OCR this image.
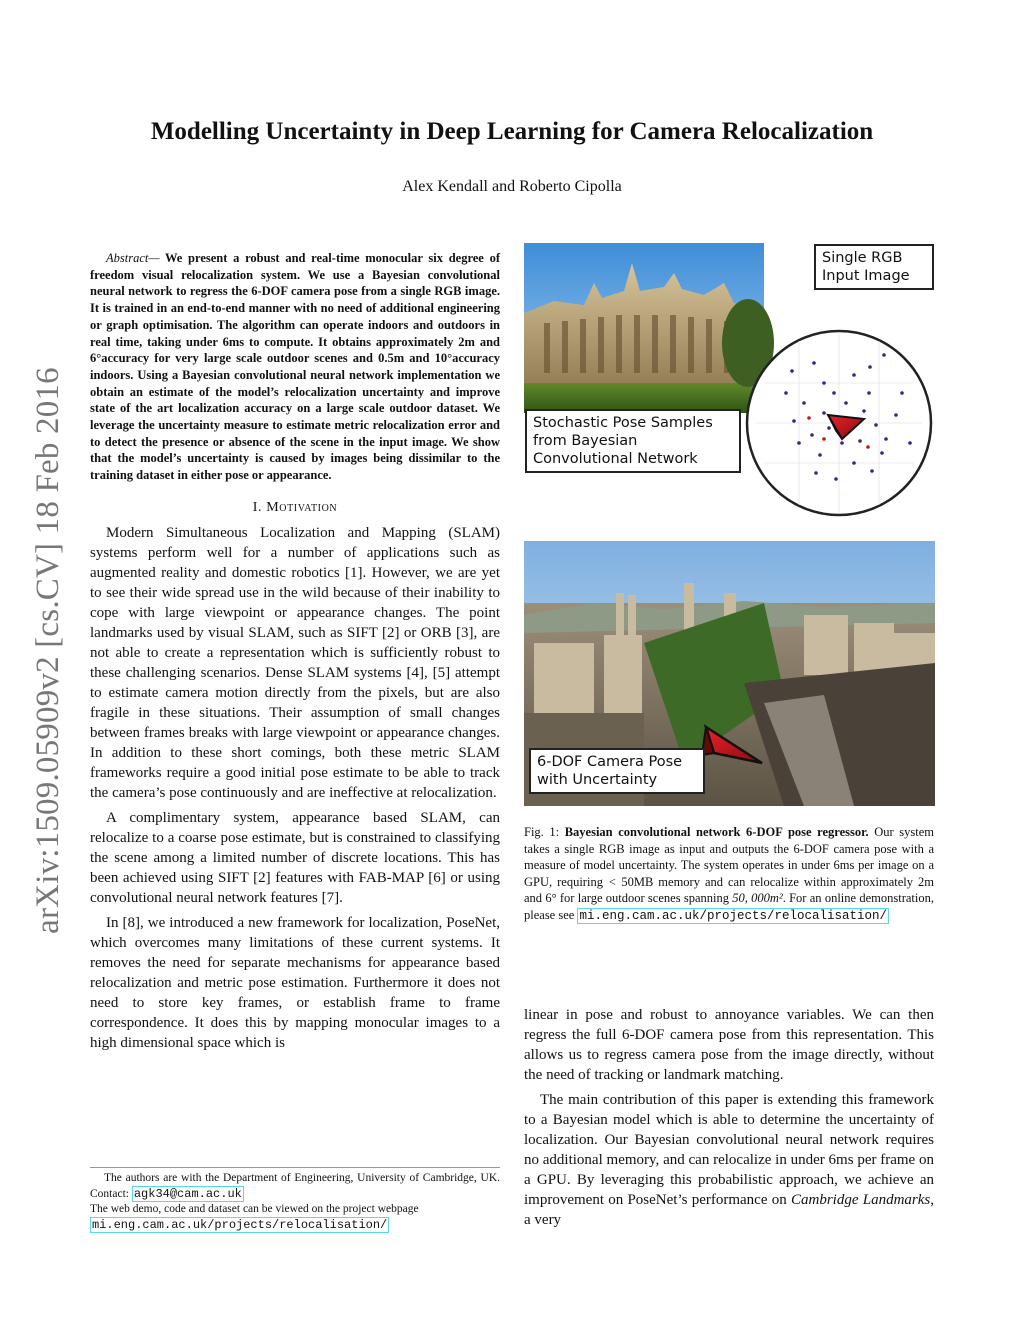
arXiv:1509.05909v2 [cs.CV] 18 Feb 2016
Modelling Uncertainty in Deep Learning for Camera Relocalization
Alex Kendall and Roberto Cipolla

Abstract— We present a robust and real-time monocular six degree of freedom visual relocalization system. We use a Bayesian convolutional neural network to regress the 6-DOF camera pose from a single RGB image. It is trained in an end-to-end manner with no need of additional engineering or graph optimisation. The algorithm can operate indoors and outdoors in real time, taking under 6ms to compute. It obtains approximately 2m and 6°accuracy for very large scale outdoor scenes and 0.5m and 10°accuracy indoors. Using a Bayesian convolutional neural network implementation we obtain an estimate of the model’s relocalization uncertainty and improve state of the art localization accuracy on a large scale outdoor dataset. We leverage the uncertainty measure to estimate metric relocalization error and to detect the presence or absence of the scene in the input image. We show that the model’s uncertainty is caused by images being dissimilar to the training dataset in either pose or appearance.

I. Motivation

Modern Simultaneous Localization and Mapping (SLAM) systems perform well for a number of applications such as augmented reality and domestic robotics [1]. However, we are yet to see their wide spread use in the wild because of their inability to cope with large viewpoint or appearance changes. The point landmarks used by visual SLAM, such as SIFT [2] or ORB [3], are not able to create a representation which is sufficiently robust to these challenging scenarios. Dense SLAM systems [4], [5] attempt to estimate camera motion directly from the pixels, but are also fragile in these situations. Their assumption of small changes between frames breaks with large viewpoint or appearance changes. In addition to these short comings, both these metric SLAM frameworks require a good initial pose estimate to be able to track the camera’s pose continuously and are ineffective at relocalization.

A complimentary system, appearance based SLAM, can relocalize to a coarse pose estimate, but is constrained to classifying the scene among a limited number of discrete locations. This has been achieved using SIFT [2] features with FAB-MAP [6] or using convolutional neural network features [7].

In [8], we introduced a new framework for localization, PoseNet, which overcomes many limitations of these current systems. It removes the need for separate mechanisms for appearance based relocalization and metric pose estimation. Furthermore it does not need to store key frames, or establish frame to frame correspondence. It does this by mapping monocular images to a high dimensional space which is

The authors are with the Department of Engineering, University of Cambridge, UK. Contact: agk34@cam.ac.uk
The web demo, code and dataset can be viewed on the project webpage
mi.eng.cam.ac.uk/projects/relocalisation/
Single RGB
Input Image
Stochastic Pose Samples
from Bayesian
Convolutional Network
6-DOF Camera Pose
with Uncertainty
Fig. 1: Bayesian convolutional network 6-DOF pose regressor. Our system takes a single RGB image as input and outputs the 6-DOF camera pose with a measure of model uncertainty. The system operates in under 6ms per image on a GPU, requiring < 50MB memory and can relocalize within approximately 2m and 6° for large outdoor scenes spanning 50, 000m². For an online demonstration, please see mi.eng.cam.ac.uk/projects/relocalisation/

linear in pose and robust to annoyance variables. We can then regress the full 6-DOF camera pose from this representation. This allows us to regress camera pose from the image directly, without the need of tracking or landmark matching.

The main contribution of this paper is extending this framework to a Bayesian model which is able to determine the uncertainty of localization. Our Bayesian convolutional neural network requires no additional memory, and can relocalize in under 6ms per frame on a GPU. By leveraging this probabilistic approach, we achieve an improvement on PoseNet’s performance on Cambridge Landmarks, a very
